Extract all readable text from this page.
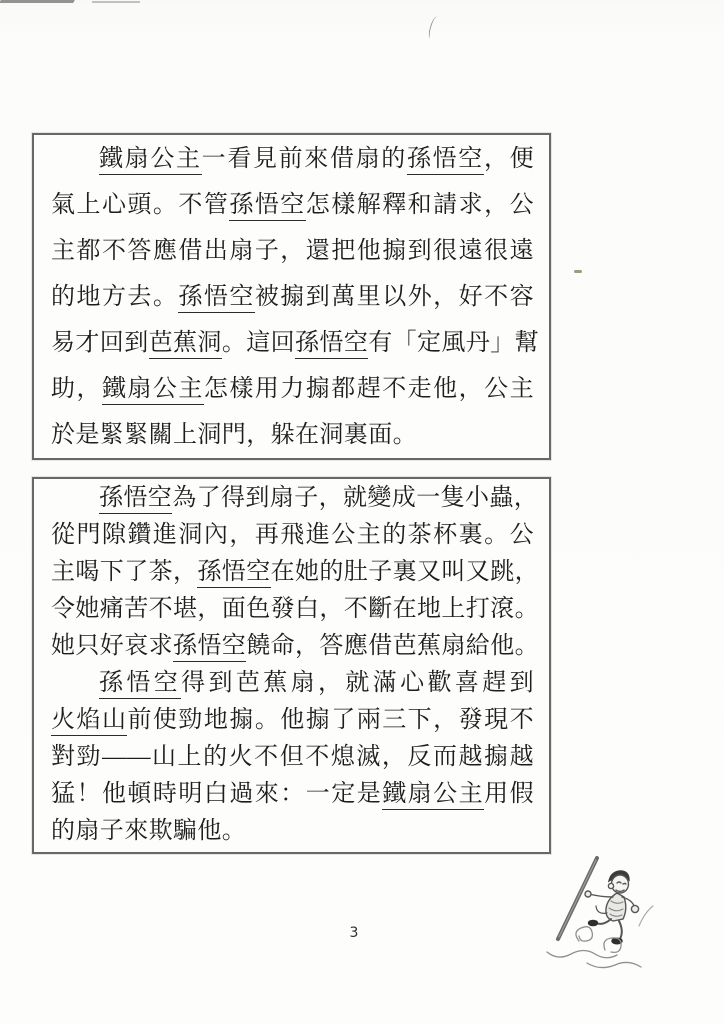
鐵扇公主一看見前來借扇的孫悟空，便
氣上心頭。不管孫悟空怎樣解釋和請求，公
主都不答應借出扇子，還把他搧到很遠很遠
的地方去。孫悟空被搧到萬里以外，好不容
易才回到芭蕉洞。這回孫悟空有「定風丹」幫
助，鐵扇公主怎樣用力搧都趕不走他，公主
於是緊緊關上洞門，躲在洞裏面。
孫悟空為了得到扇子，就變成一隻小蟲，
從門隙鑽進洞內，再飛進公主的茶杯裏。公
主喝下了茶，孫悟空在她的肚子裏又叫又跳，
令她痛苦不堪，面色發白，不斷在地上打滾。
她只好哀求孫悟空饒命，答應借芭蕉扇給他。
孫悟空得到芭蕉扇，就滿心歡喜趕到
火焰山前使勁地搧。他搧了兩三下，發現不
對勁——山上的火不但不熄滅，反而越搧越
猛！他頓時明白過來：一定是鐵扇公主用假
的扇子來欺騙他。
3
